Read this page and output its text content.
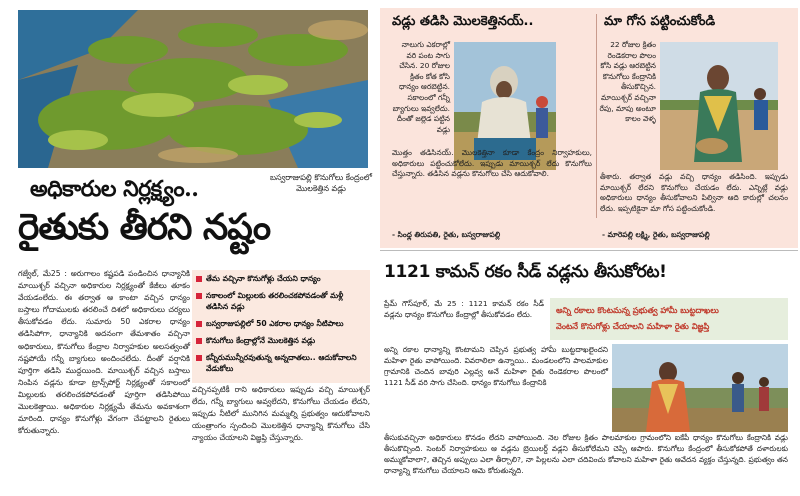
బస్వరాజుపల్లి కొనుగోలు కేంద్రంలో మొలకెత్తిన వడ్లు
అధికారుల నిర్లక్ష్యం..
రైతుకు తీరని నష్టం
గజ్వేల్, మే25 : అరుగాలం కష్టపడి పండించిన ధాన్యానికి మాయిశ్చర్ వచ్చినా అధికారుల నిర్లక్ష్యంతో కేజీలు తూకం వేయడంలేదు. ఈ తర్వాత ఆ కాంటా వచ్చిన ధాన్యం బస్తాలు గోదాములకు తరలించే దిశలో అధికారులు చర్యలు తీసుకోవడం లేదు. సుమారు 50 ఎకరాల ధాన్యం తడిసిపోగా, ధాన్యానికి అదనంగా తేమశాతం వచ్చినా అధికారులు, కొనుగోలు కేంద్రాల నిర్వాహకుల అలసత్వంతో నష్టపోయే గన్నీ బ్యాగులు అందించలేదు. దీంతో వర్షానికి పూర్తిగా తడిసి ముద్దయింది. మాయిశ్చర్ వచ్చిన బస్తాలు నింపిన వడ్లను కూడా ట్రాన్స్‌పోర్ట్ నిర్లక్ష్యంతో సకాలంలో మిల్లులకు తరలించకపోవడంతో పూర్తిగా తడిసిపోయి మొలకెత్తాయి. అధికారుల నిర్లక్ష్యమే తేమను అవకాశంగా మారింది. ధాన్యం కొనుగోళ్లు వేగంగా చేపట్టాలని రైతులు కోరుతున్నారు.
తేమ వచ్చినా కొనుగోళ్లు చేయని ధాన్యం
సకాలంలో మిల్లులకు తరలించకపోవడంతో మళ్లీ తడిసిన వడ్లు
బస్వరాజుపల్లిలో 50 ఎకరాల ధాన్యం నీటిపాలు
కొనుగోలు కేంద్రాల్లోనే మొలకెత్తిన వడ్లు
కన్నీరుమున్నీరవుతున్న అన్నదాతలు.. ఆదుకోవాలని వేడుకోలు
వచ్చినప్పటికీ రాని అధికారులు ఇప్పుడు వచ్చి మాయిశ్చర్ లేదు, గన్నీ బ్యాగులు అవ్వలేదని, కొనుగోలు చేయడం లేదని, ఇప్పుడు నీటిలో మునిగిన మమ్మల్ని ప్రభుత్వం ఆదుకోవాలని యంత్రాంగం స్పందించి మొలకెత్తిన ధాన్యాన్ని కొనుగోలు చేసి న్యాయం చేయాలని విజ్ఞప్తి చేస్తున్నారు.
వడ్లు తడిసి మొలకెత్తినయ్..	మా గోస పట్టించుకోండి
నాలుగు ఎకరాల్లో వరి పంట సాగు చేసిన. 20 రోజుల క్రితం కోత కోసి ధాన్యం ఆరబెట్టిన. సకాలంలో గన్నీ బ్యాగులు ఇవ్వలేదు. దీంతో జల్లెడ పట్టిన వడ్లు
22 రోజుల క్రితం రెండెకరాల పొలం కోసి వడ్లు ఆరబెట్టిన కొనుగోలు కేంద్రానికి తీసుకొచ్చిన. మాయిశ్చర్ వచ్చినా రేపు, మాపు అంటూ కాలం వెళ్ళ
మొత్తం తడిసినయ్. మొలకెత్తినా కూడా కేంద్రం నిర్వాహకులు, అధికారులు పట్టించుకోలేదు. ఇప్పుడు మాయిశ్చర్ లేదు కొనుగోలు చేస్తున్నారు. తడిసిన వడ్లను కొనుగోలు చేసి ఆదుకోవాలి.	తీశారు. తర్వాత వడ్లు వచ్చి ధాన్యం తడిసింది. ఇప్పుడు మాయిశ్చర్ లేదని కొనుగోలు చేయడం లేదు. ఎన్నిట్లే వడ్లు అధికారులు ధాన్యం తీసుకోవాలని పిల్వినా ఆది కారుల్లో చలనం లేదు. ఇప్పటికైనా మా గోస పట్టించుకోండి.
- సింధ్ల తిరుపతి, రైతు, బస్వరాజుపల్లి	- మారెపల్లి లక్ష్మి, రైతు, బస్వరాజుపల్లి
1121 కామన్ రకం సీడ్ వడ్లను తీసుకోరట!
ప్రేమ్ గౌస్‌పూర్, మే 25 : 1121 కామన్ రకం సీడ్ వడ్లను ధాన్యం కొనుగోలు కేంద్రాల్లో తీసుకోవడం లేదు.	అన్ని రకాలు కొంటమన్న ప్రభుత్వ హామీ బుట్టదాఖలు
వెంటనే కొనుగోళ్లు చేయాలని మహిళా రైతు విజ్ఞప్తి
అన్ని రకాల ధాన్యాన్ని కొంటామని చెప్పిన ప్రభుత్వ హామీ బుట్టదాఖలైందని మహిళా రైతు వాపోయింది. వివరాలిలా ఉన్నాయి.. మండలంలోని పాలమాకుల గ్రామానికి చెందిన బావురి ఎల్లవ్వ అనే మహిళా రైతు రెండెకరాల పొలంలో 1121 సీడ్ వరి సాగు చేసింది. ధాన్యం కొనుగోలు కేంద్రానికి
తీసుకువచ్చినా అధికారులు కొనడం లేదని వాపోయింది. నెల రోజుల క్రితం పాలమాకుల గ్రామంలోని ఐకేపీ ధాన్యం కొనుగోలు కేంద్రానికి వడ్లు తీసుకొచ్చింది. సెంటర్ నిర్వాహకులు ఆ వడ్లను బ్రెయిలర్డ్ వడ్లని తీసుకోలేమని చెప్పి ఆపారు. కొనుగోలు కేంద్రంలో తీసుకోకపోతే దళారులకు అమ్ముకోవాలా?, తెచ్చిన అప్పులు ఎలా తీర్చాలి?, నా పిల్లలను ఎలా చదివించు కోవాలని మహిళా రైతు ఆవేదన వ్యక్తం చేస్తున్నది. ప్రభుత్వం తన ధాన్యాన్ని కొనుగోలు చేయాలని ఆమె కోరుతున్నది.
